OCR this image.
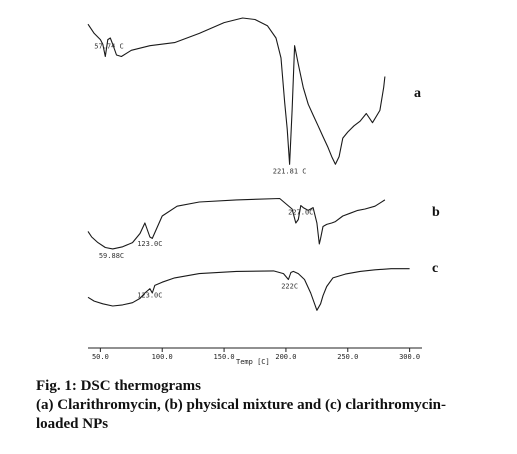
50.0	100.0	150.0	200.0	250.0	300.0
57.74 C
221.81 C
a
59.88C
123.0C
227.0C	b
123.0C
222C
c
Temp [C]
Fig. 1: DSC thermograms
(a) Clarithromycin, (b) physical mixture and (c) clarithromycin-
loaded NPs
